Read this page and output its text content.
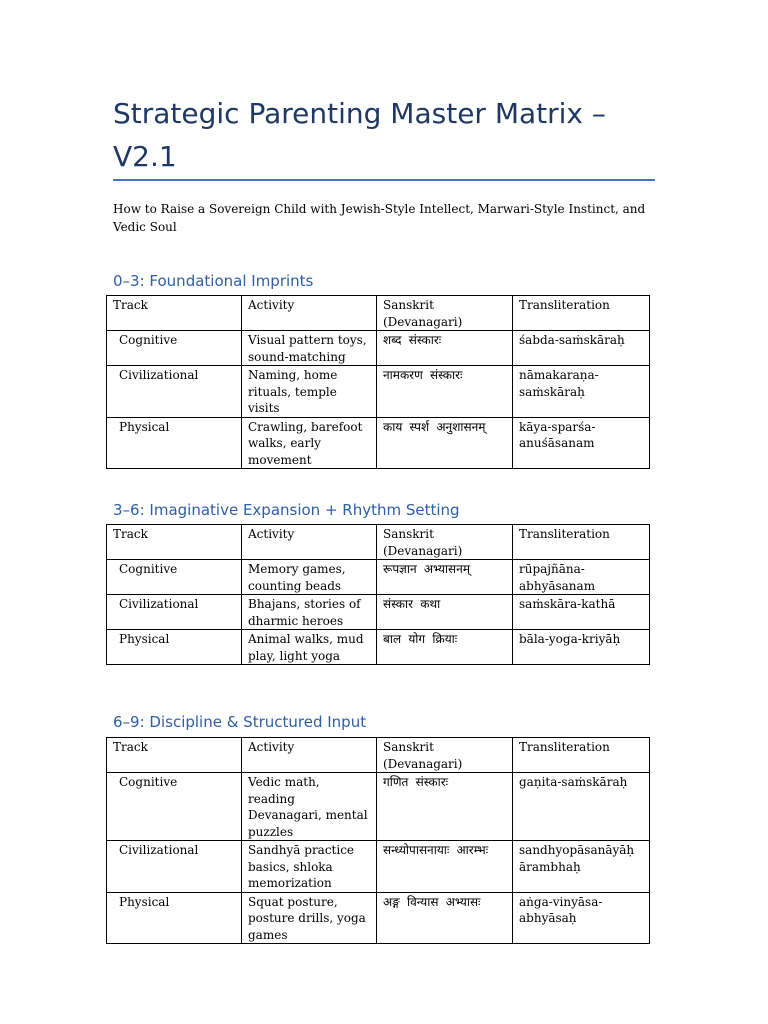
Strategic Parenting Master Matrix – V2.1
How to Raise a Sovereign Child with Jewish-Style Intellect, Marwari-Style Instinct, and Vedic Soul
0–3: Foundational Imprints
Track	Activity	Sanskrit (Devanagari)	Transliteration
Cognitive	Visual pattern toys, sound-matching	शब्द संस्कारः	śabda-saṁskāraḥ
Civilizational	Naming, home rituals, temple visits	नामकरण संस्कारः	nāmakaraṇa-saṁskāraḥ
Physical	Crawling, barefoot walks, early movement	काय स्पर्श अनुशासनम्	kāya-sparśa-anuśāsanam
3–6: Imaginative Expansion + Rhythm Setting
Track	Activity	Sanskrit (Devanagari)	Transliteration
Cognitive	Memory games, counting beads	रूपज्ञान अभ्यासनम्	rūpajñāna-abhyāsanam
Civilizational	Bhajans, stories of dharmic heroes	संस्कार कथा	saṁskāra-kathā
Physical	Animal walks, mud play, light yoga	बाल योग क्रियाः	bāla-yoga-kriyāḥ
6–9: Discipline & Structured Input
Track	Activity	Sanskrit (Devanagari)	Transliteration
Cognitive	Vedic math, reading Devanagari, mental puzzles	गणित संस्कारः	gaṇita-saṁskāraḥ
Civilizational	Sandhyā practice basics, shloka memorization	सन्ध्योपासनायाः आरम्भः	sandhyopāsanāyāḥ ārambhaḥ
Physical	Squat posture, posture drills, yoga games	अङ्ग विन्यास अभ्यासः	aṅga-vinyāsa-abhyāsaḥ
